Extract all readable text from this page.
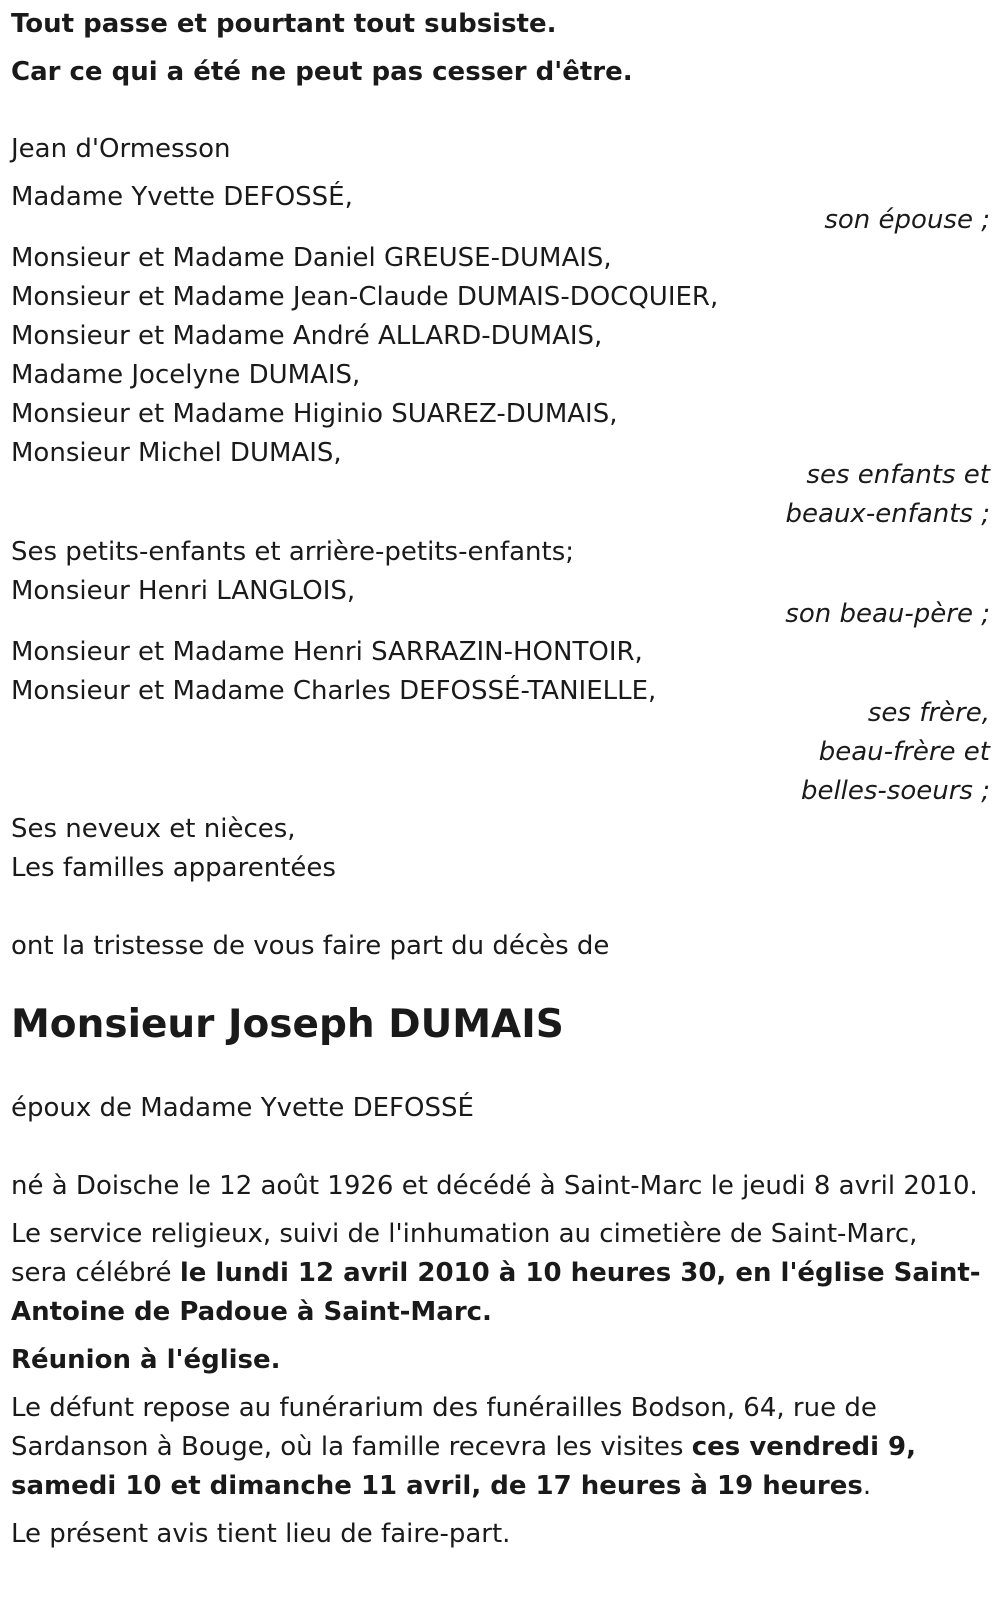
Tout passe et pourtant tout subsiste.
Car ce qui a été ne peut pas cesser d'être.
Jean d'Ormesson
Madame Yvette DEFOSSÉ,
son épouse ;
Monsieur et Madame Daniel GREUSE-DUMAIS,
Monsieur et Madame Jean-Claude DUMAIS-DOCQUIER,
Monsieur et Madame André ALLARD-DUMAIS,
Madame Jocelyne DUMAIS,
Monsieur et Madame Higinio SUAREZ-DUMAIS,
Monsieur Michel DUMAIS,
ses enfants et
beaux-enfants ;
Ses petits-enfants et arrière-petits-enfants;
Monsieur Henri LANGLOIS,
son beau-père ;
Monsieur et Madame Henri SARRAZIN-HONTOIR,
Monsieur et Madame Charles DEFOSSÉ-TANIELLE,
ses frère,
beau-frère et
belles-soeurs ;
Ses neveux et nièces,
Les familles apparentées
ont la tristesse de vous faire part du décès de
Monsieur Joseph DUMAIS
époux de Madame Yvette DEFOSSÉ
né à Doische le 12 août 1926 et décédé à Saint-Marc le jeudi 8 avril 2010.
Le service religieux, suivi de l'inhumation au cimetière de Saint-Marc,
sera célébré le lundi 12 avril 2010 à 10 heures 30, en l'église Saint-
Antoine de Padoue à Saint-Marc.
Réunion à l'église.
Le défunt repose au funérarium des funérailles Bodson, 64, rue de
Sardanson à Bouge, où la famille recevra les visites ces vendredi 9,
samedi 10 et dimanche 11 avril, de 17 heures à 19 heures.
Le présent avis tient lieu de faire-part.
